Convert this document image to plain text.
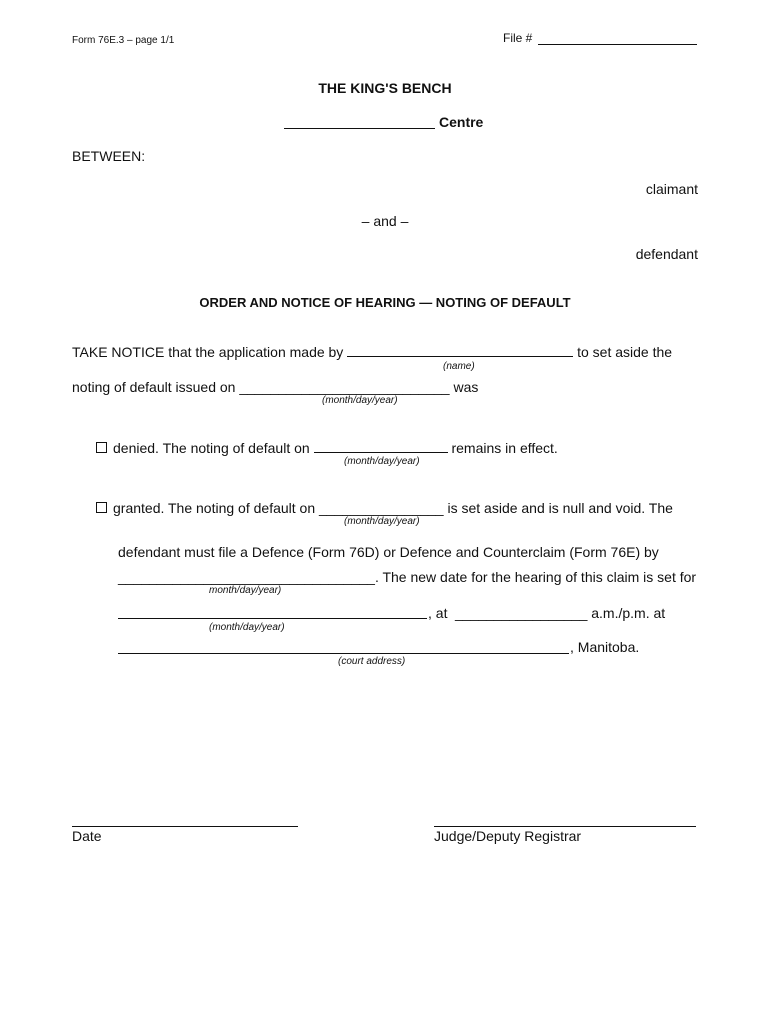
Form 76E.3 – page 1/1	File #
THE KING'S BENCH
Centre
BETWEEN:
claimant
– and –
defendant
ORDER AND NOTICE OF HEARING — NOTING OF DEFAULT
TAKE NOTICE that the application made by	to set aside the
(name)
noting of default issued on ___________________________ was
(month/day/year)
denied. The noting of default on	remains in effect.
(month/day/year)
granted. The noting of default on ________________ is set aside and is null and void. The
(month/day/year)
defendant must file a Defence (Form 76D) or Defence and Counterclaim (Form 76E) by
_________________________________. The new date for the hearing of this claim is set for
month/day/year)
, at _________________ a.m./p.m. at
(month/day/year)
, Manitoba.
(court address)
Date	Judge/Deputy Registrar
